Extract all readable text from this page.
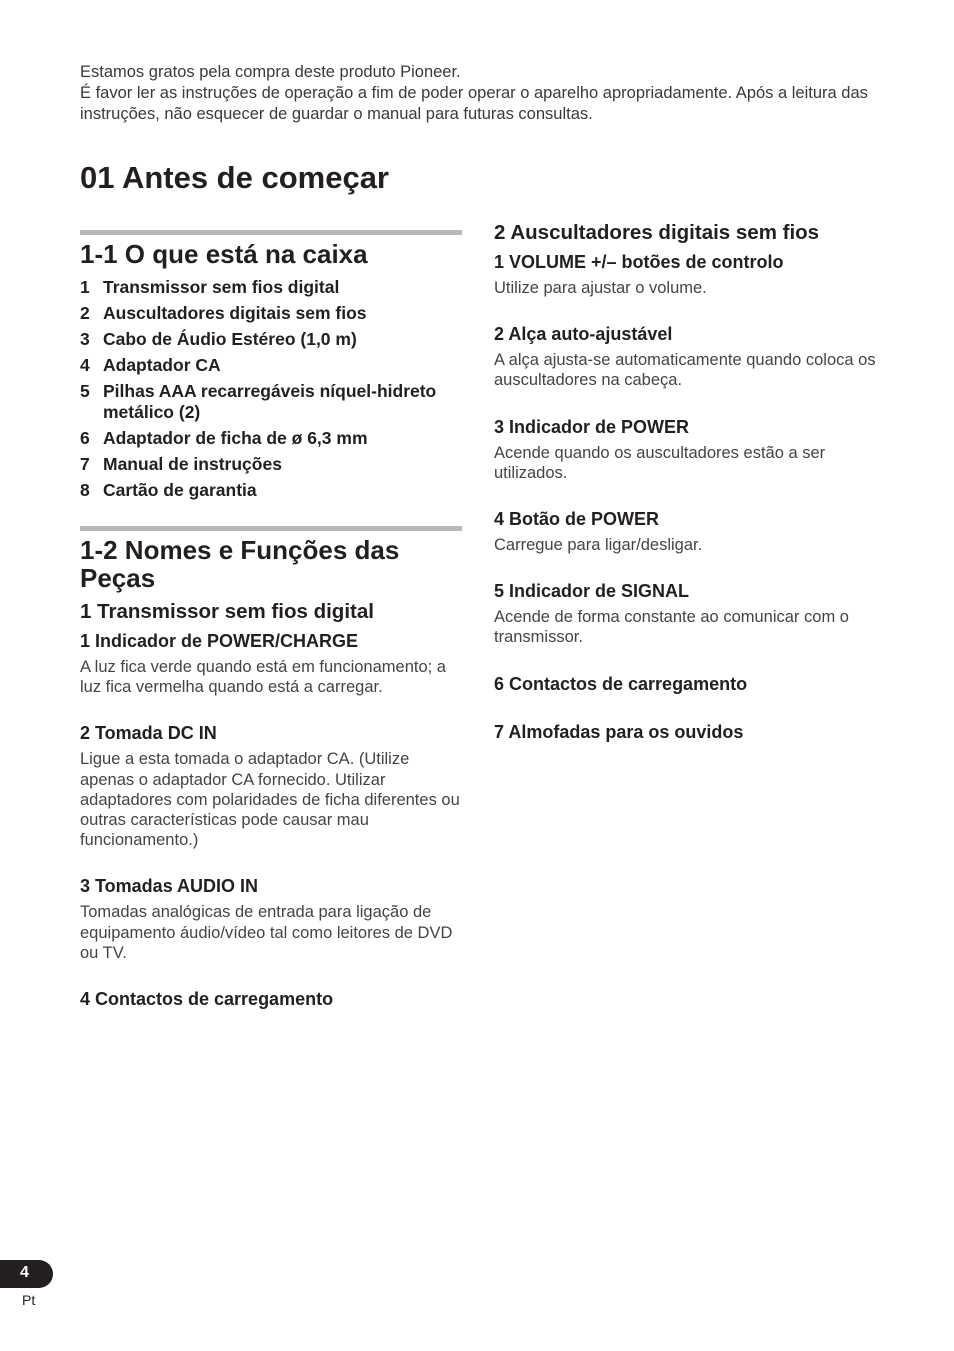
Estamos gratos pela compra deste produto Pioneer.

É favor ler as instruções de operação a fim de poder operar o aparelho apropriadamente. Após a leitura das instruções, não esquecer de guardar o manual para futuras consultas.

01 Antes de começar
1-1 O que está na caixa
1 Transmissor sem fios digital
2 Auscultadores digitais sem fios
3 Cabo de Áudio Estéreo (1,0 m)
4 Adaptador CA
5 Pilhas AAA recarregáveis níquel-hidreto metálico (2)
6 Adaptador de ficha de ø 6,3 mm
7 Manual de instruções
8 Cartão de garantia
1-2 Nomes e Funções das Peças
1 Transmissor sem fios digital
1 Indicador de POWER/CHARGE

A luz fica verde quando está em funcionamento; a luz fica vermelha quando está a carregar.

2 Tomada DC IN

Ligue a esta tomada o adaptador CA. (Utilize apenas o adaptador CA fornecido. Utilizar adaptadores com polaridades de ficha diferentes ou outras características pode causar mau funcionamento.)

3 Tomadas AUDIO IN

Tomadas analógicas de entrada para ligação de equipamento áudio/vídeo tal como leitores de DVD ou TV.

4 Contactos de carregamento
2 Auscultadores digitais sem fios
1 VOLUME +/– botões de controlo

Utilize para ajustar o volume.

2 Alça auto-ajustável

A alça ajusta-se automaticamente quando coloca os auscultadores na cabeça.

3 Indicador de POWER

Acende quando os auscultadores estão a ser utilizados.

4 Botão de POWER

Carregue para ligar/desligar.

5 Indicador de SIGNAL

Acende de forma constante ao comunicar com o transmissor.

6 Contactos de carregamento
7 Almofadas para os ouvidos
4
Pt
